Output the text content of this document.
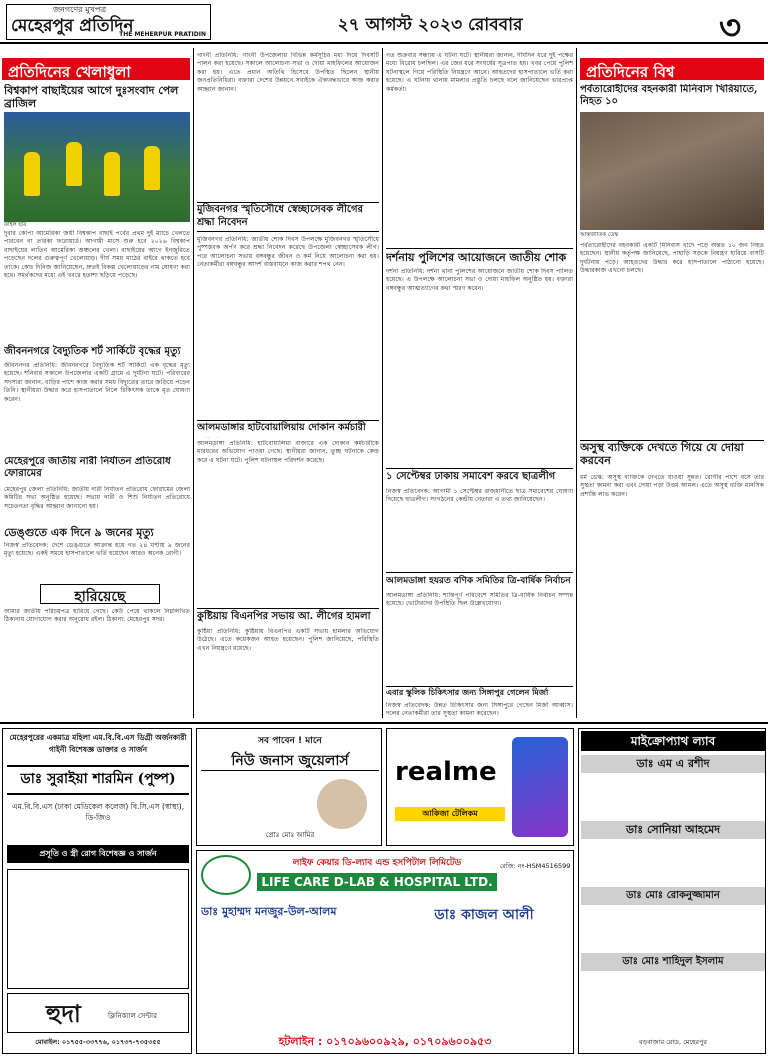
জনগণের মুখপত্র
মেহেরপুর প্রতিদিন
THE MEHERPUR PRATIDIN	২৭ আগস্ট ২০২৩ রোববার	৩
প্রতিদিনের খেলাধুলা
বিশ্বকাপ বাছাইয়ের আগে দুঃসংবাদ পেল ব্রাজিল
ফাইল ছবি

দুবার কোপা আমেরিকা জয়ী বিশ্বকাপ বাছাই পর্বের প্রথম দুই ম্যাচে খেলতে পারবেন না তারকা ফরোয়ার্ড। আগামী মাসে শুরু হবে ২০২৬ বিশ্বকাপ বাছাইয়ের লাতিন আমেরিকা অঞ্চলের খেলা। বাছাইয়ের আগে ইনজুরিতে পড়েছেন দলের গুরুত্বপূর্ণ খেলোয়াড়। দীর্ঘ সময় মাঠের বাইরে থাকতে হবে তাকে। কোচ দিনিজ জানিয়েছেন, দ্রুতই বিকল্প খেলোয়াড়ের নাম ঘোষণা করা হবে। সমর্থকদের মধ্যে এই খবরে হতাশা ছড়িয়ে পড়েছে।

জীবননগরে বৈদ্যুতিক শর্ট সার্কিটে বৃদ্ধের মৃত্যু

জীবননগর প্রতিনিধি: জীবননগরে বৈদ্যুতিক শর্ট সার্কিটে এক বৃদ্ধের মৃত্যু হয়েছে। শনিবার সকালে উপজেলার একটি গ্রামে এ দুর্ঘটনা ঘটে। পরিবারের সদস্যরা জানান, বাড়ির পাশে কাজ করার সময় বিদ্যুতের তারে জড়িয়ে পড়েন তিনি। স্থানীয়রা উদ্ধার করে হাসপাতালে নিলে চিকিৎসক তাকে মৃত ঘোষণা করেন।

মেহেরপুরে জাতীয় নারী নির্যাতন প্রতিরোধ ফোরামের

মেহেরপুর জেলা প্রতিনিধি: জাতীয় নারী নির্যাতন প্রতিরোধ ফোরামের জেলা কমিটির সভা অনুষ্ঠিত হয়েছে। সভায় নারী ও শিশু নির্যাতন প্রতিরোধে সচেতনতা বৃদ্ধির আহ্বান জানানো হয়।

ডেঙ্গুতে এক দিনে ৯ জনের মৃত্যু

নিজস্ব প্রতিবেদক: দেশে ডেঙ্গুতে আক্রান্ত হয়ে গত ২৪ ঘণ্টায় ৯ জনের মৃত্যু হয়েছে। একই সময়ে হাসপাতালে ভর্তি হয়েছেন আরও অনেক রোগী।

হারিয়েছে

আমার জাতীয় পরিচয়পত্র হারিয়ে গেছে। কেউ পেয়ে থাকলে নিম্নলিখিত ঠিকানায় যোগাযোগ করার অনুরোধ রইল। ঠিকানা: মেহেরপুর সদর।

গাংনী প্রতিনিধি: গাংনী উপজেলায় বিভিন্ন কর্মসূচির মধ্য দিয়ে দিবসটি পালন করা হয়েছে। সকালে আলোচনা সভা ও দোয়া মাহফিলের আয়োজন করা হয়। এতে প্রধান অতিথি হিসেবে উপস্থিত ছিলেন স্থানীয় জনপ্রতিনিধিরা। বক্তারা দেশের উন্নয়নে সবাইকে ঐক্যবদ্ধভাবে কাজ করার আহ্বান জানান।

মুজিবনগর স্মৃতিসৌধে স্বেচ্ছাসেবক লীগের শ্রদ্ধা নিবেদন

মুজিবনগর প্রতিনিধি: জাতীয় শোক দিবস উপলক্ষে মুজিবনগর স্মৃতিসৌধে পুষ্পস্তবক অর্পণ করে শ্রদ্ধা নিবেদন করেছে উপজেলা স্বেচ্ছাসেবক লীগ। পরে আলোচনা সভায় বঙ্গবন্ধুর জীবন ও কর্ম নিয়ে আলোচনা করা হয়। নেতাকর্মীরা বঙ্গবন্ধুর আদর্শ বাস্তবায়নে কাজ করার শপথ নেন।

আলমডাঙ্গার হাটবোয়ালিয়ায় দোকান কর্মচারী

আলমডাঙ্গা প্রতিনিধি: হাটবোয়ালিয়া বাজারে এক দোকান কর্মচারীকে মারধরের অভিযোগ পাওয়া গেছে। স্থানীয়রা জানান, তুচ্ছ ঘটনাকে কেন্দ্র করে এ ঘটনা ঘটে। পুলিশ ঘটনাস্থল পরিদর্শন করেছে।

কুষ্টিয়ায় বিএনপির সভায় আ. লীগের হামলা

কুষ্টিয়া প্রতিনিধি: কুষ্টিয়ায় বিএনপির একটি সভায় হামলার অভিযোগ উঠেছে। এতে কয়েকজন আহত হয়েছেন। পুলিশ জানিয়েছে, পরিস্থিতি এখন নিয়ন্ত্রণে রয়েছে।

গত শুক্রবার সন্ধ্যায় এ ঘটনা ঘটে। স্থানীয়রা জানান, দীর্ঘদিন ধরে দুই পক্ষের মধ্যে বিরোধ চলছিল। এর জের ধরে সংঘর্ষের সূত্রপাত হয়। খবর পেয়ে পুলিশ ঘটনাস্থলে গিয়ে পরিস্থিতি নিয়ন্ত্রণে আনে। আহতদের হাসপাতালে ভর্তি করা হয়েছে। এ ঘটনায় থানায় মামলার প্রস্তুতি চলছে বলে জানিয়েছেন ভারপ্রাপ্ত কর্মকর্তা।

দর্শনায় পুলিশের আয়োজনে জাতীয় শোক

দর্শনা প্রতিনিধি: দর্শনা থানা পুলিশের আয়োজনে জাতীয় শোক দিবস পালিত হয়েছে। এ উপলক্ষে আলোচনা সভা ও দোয়া মাহফিল অনুষ্ঠিত হয়। বক্তারা বঙ্গবন্ধুর আত্মত্যাগের কথা স্মরণ করেন।

১ সেপ্টেম্বর ঢাকায় সমাবেশ করবে ছাত্রলীগ

নিজস্ব প্রতিবেদক: আগামী ১ সেপ্টেম্বর রাজধানীতে ছাত্র সমাবেশের ঘোষণা দিয়েছে ছাত্রলীগ। সংগঠনের কেন্দ্রীয় নেতারা এ তথ্য জানিয়েছেন।

আলমডাঙ্গা হযরত বণিক সমিতির ত্রি-বার্ষিক নির্বাচন

আলমডাঙ্গা প্রতিনিধি: শান্তিপূর্ণ পরিবেশে সমিতির ত্রি-বার্ষিক নির্বাচন সম্পন্ন হয়েছে। ভোটারদের উপস্থিতি ছিল উল্লেখযোগ্য।

এবার স্কুলিক চিকিৎসার জন্য সিঙ্গাপুর গেলেন মির্জা

নিজস্ব প্রতিবেদক: উন্নত চিকিৎসার জন্য সিঙ্গাপুরে গেছেন মির্জা আব্বাস। দলের নেতাকর্মীরা তার সুস্থতা কামনা করেছেন।

প্রতিদিনের বিশ্ব
পর্বতারোহীদের বহনকারী মিনিবাস খিরিয়াতে, নিহত ১০
আন্তর্জাতিক ডেস্ক

পর্বতারোহীদের বহনকারী একটি মিনিবাস খাদে পড়ে অন্তত ১০ জন নিহত হয়েছেন। স্থানীয় কর্তৃপক্ষ জানিয়েছে, পাহাড়ি সড়কে নিয়ন্ত্রণ হারিয়ে বাসটি দুর্ঘটনায় পড়ে। আহতদের উদ্ধার করে হাসপাতালে পাঠানো হয়েছে। উদ্ধারকাজ এখনো চলছে।

অসুস্থ ব্যক্তিকে দেখতে গিয়ে যে দোয়া করবেন

ধর্ম ডেস্ক: অসুস্থ ব্যক্তিকে দেখতে যাওয়া সুন্নত। রোগীর পাশে বসে তার সুস্থতা কামনা করা এবং দোয়া পড়া উত্তম আমল। এতে অসুস্থ ব্যক্তি মানসিক প্রশান্তি লাভ করেন।

মেহেরপুরের একমাত্র মহিলা এম.বি.বি.এস ডিগ্রী অর্জনকারী গাইনী বিশেষজ্ঞ ডাক্তার ও সার্জন
ডাঃ সুরাইয়া শারমিন (পুষ্প)
এম.বি.বি.এস (ঢাকা মেডিকেল কলেজ) বি.সি.এস (স্বাস্থ্য), ডি-জিও
প্রসূতি ও স্ত্রী রোগ বিশেষজ্ঞ ও সার্জন
হুদা	ক্লিনিক্যাল সেন্টার
মোবাইল: ০১৭৫৫-৩৩৭৭৬, ০১৭৩৭-৭৩৫৩৫৫
সব পাবেন ! মানে
নিউ জনাস জুয়েলার্স
প্রোঃ মোঃ আমির
realme
আকিজা টেলিকম
মাইক্রোপ্যাথ ল্যাব
ডাঃ এম এ রশীদ
ডাঃ সোনিয়া আহমেদ
ডাঃ মোঃ রোকনুজ্জামান
ডাঃ মোঃ শাহিদুল ইসলাম
বড়বাজার রোড, মেহেরপুর
লাইফ কেয়ার ডি-ল্যাব এন্ড হসপিটাল লিমিটেড
LIFE CARE D-LAB & HOSPITAL LTD.
রেজি: নং-HSM4516599
ডাঃ মুহাম্মদ মনজুর-উল-আলম	ডাঃ কাজল আলী
হটলাইন : ০১৭০৯৬০০৯২৯, ০১৭০৯৬০০৯৫৩
